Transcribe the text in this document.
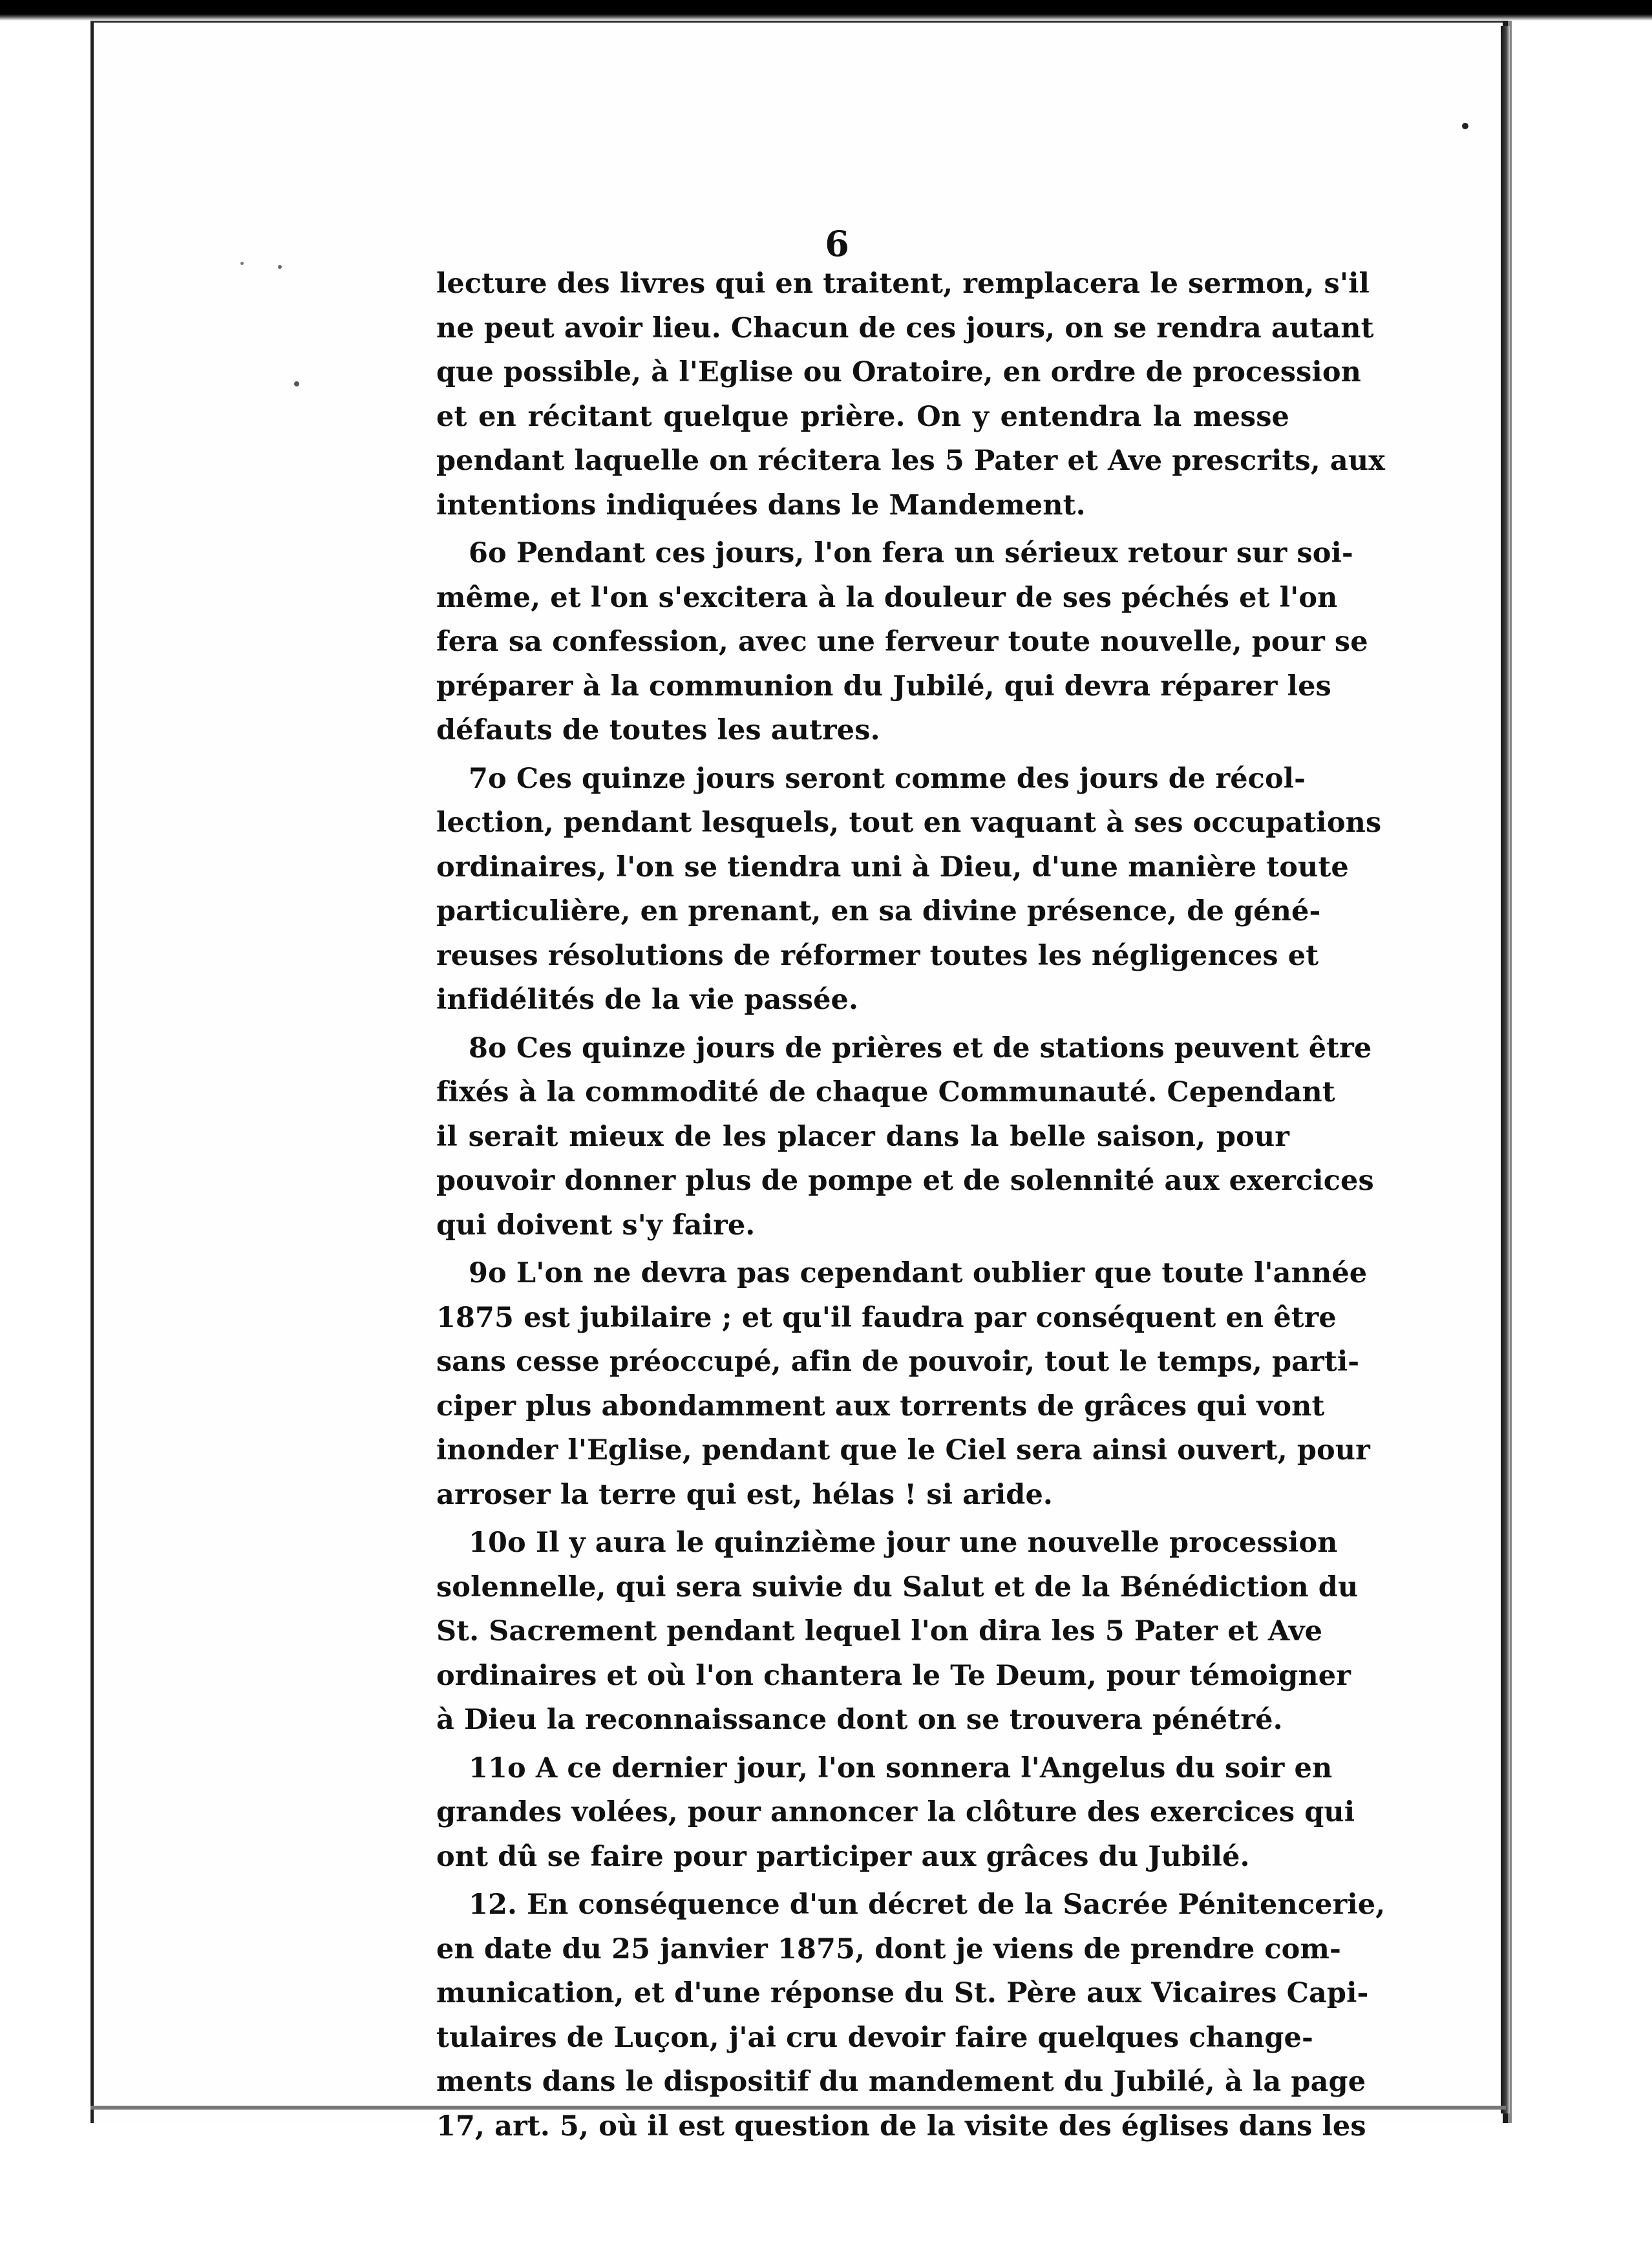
6
lecture des livres qui en traitent, remplacera le sermon, s'il
ne peut avoir lieu. Chacun de ces jours, on se rendra autant
que possible, à l'Eglise ou Oratoire, en ordre de procession
et en récitant quelque prière. On y entendra la messe
pendant laquelle on récitera les 5 Pater et Ave prescrits, aux
intentions indiquées dans le Mandement.
6o Pendant ces jours, l'on fera un sérieux retour sur soi-
même, et l'on s'excitera à la douleur de ses péchés et l'on
fera sa confession, avec une ferveur toute nouvelle, pour se
préparer à la communion du Jubilé, qui devra réparer les
défauts de toutes les autres.
7o Ces quinze jours seront comme des jours de récol-
lection, pendant lesquels, tout en vaquant à ses occupations
ordinaires, l'on se tiendra uni à Dieu, d'une manière toute
particulière, en prenant, en sa divine présence, de géné-
reuses résolutions de réformer toutes les négligences et
infidélités de la vie passée.
8o Ces quinze jours de prières et de stations peuvent être
fixés à la commodité de chaque Communauté. Cependant
il serait mieux de les placer dans la belle saison, pour
pouvoir donner plus de pompe et de solennité aux exercices
qui doivent s'y faire.
9o L'on ne devra pas cependant oublier que toute l'année
1875 est jubilaire ; et qu'il faudra par conséquent en être
sans cesse préoccupé, afin de pouvoir, tout le temps, parti-
ciper plus abondamment aux torrents de grâces qui vont
inonder l'Eglise, pendant que le Ciel sera ainsi ouvert, pour
arroser la terre qui est, hélas ! si aride.
10o Il y aura le quinzième jour une nouvelle procession
solennelle, qui sera suivie du Salut et de la Bénédiction du
St. Sacrement pendant lequel l'on dira les 5 Pater et Ave
ordinaires et où l'on chantera le Te Deum, pour témoigner
à Dieu la reconnaissance dont on se trouvera pénétré.
11o A ce dernier jour, l'on sonnera l'Angelus du soir en
grandes volées, pour annoncer la clôture des exercices qui
ont dû se faire pour participer aux grâces du Jubilé.
12. En conséquence d'un décret de la Sacrée Pénitencerie,
en date du 25 janvier 1875, dont je viens de prendre com-
munication, et d'une réponse du St. Père aux Vicaires Capi-
tulaires de Luçon, j'ai cru devoir faire quelques change-
ments dans le dispositif du mandement du Jubilé, à la page
17, art. 5, où il est question de la visite des églises dans les
